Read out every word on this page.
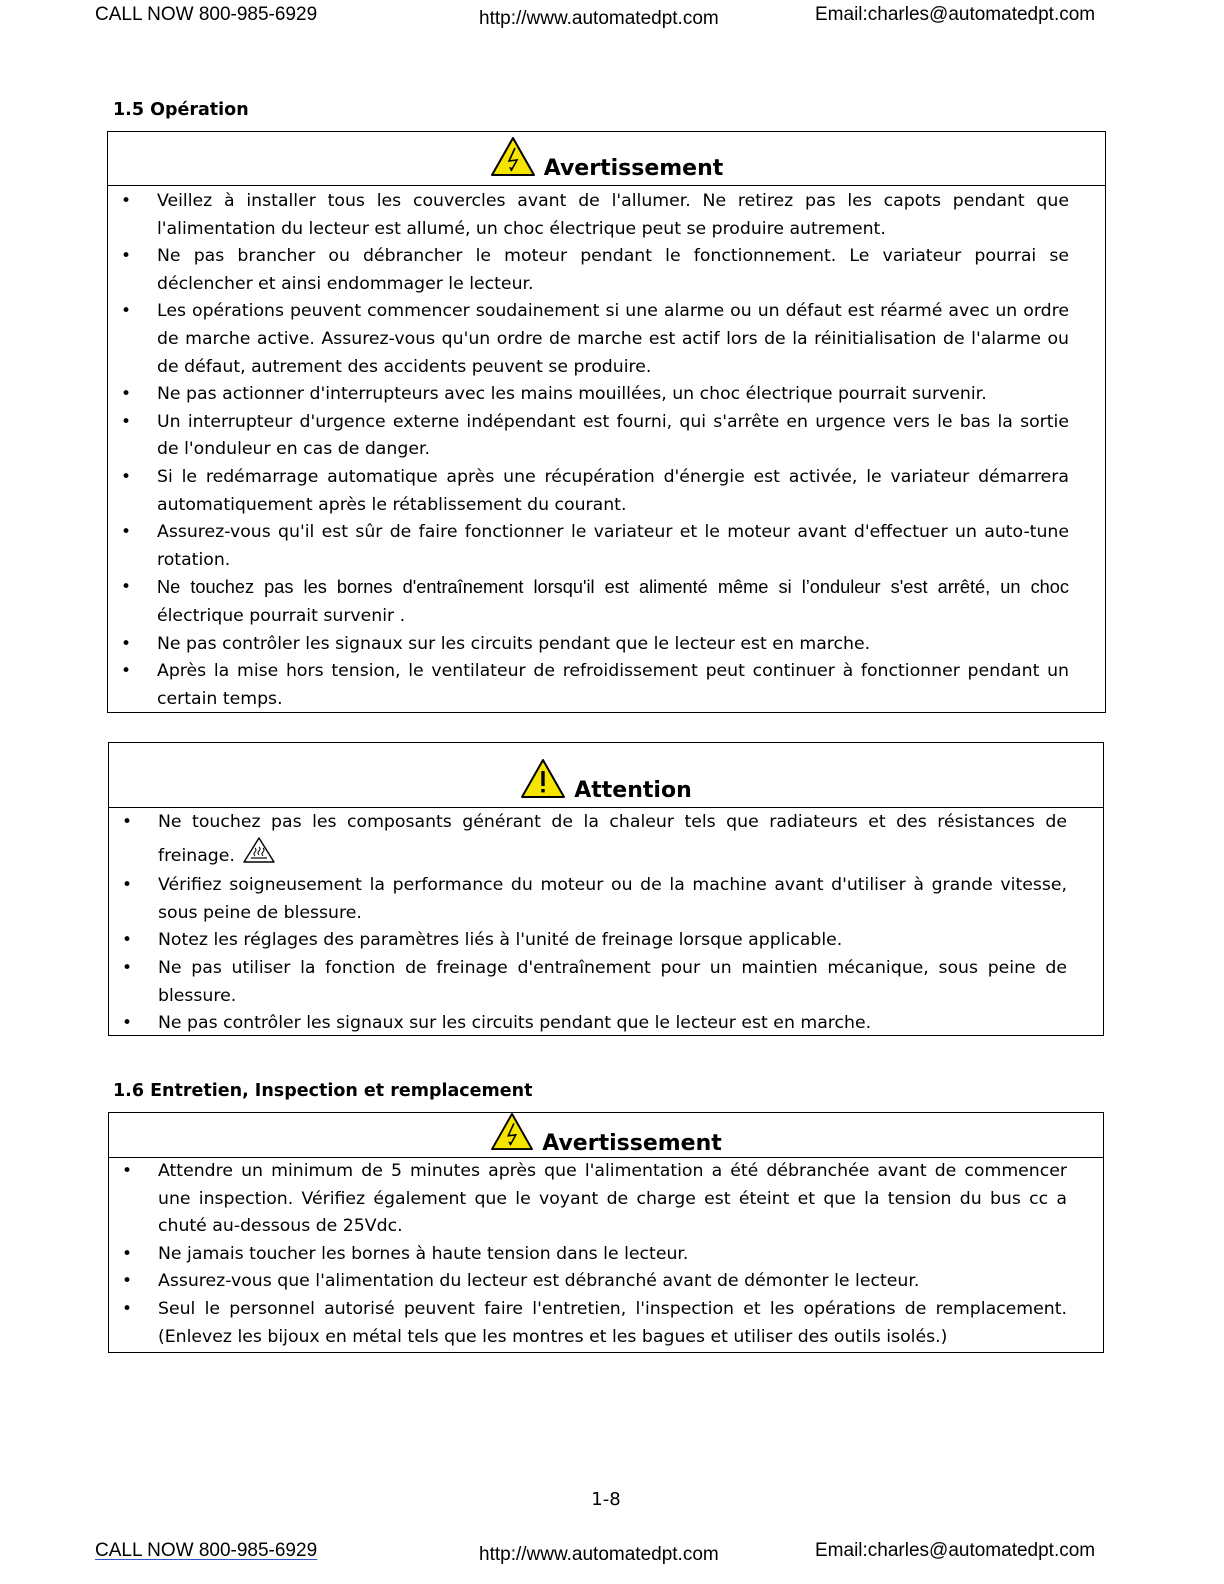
CALL NOW 800-985-6929	http://www.automatedpt.com	Email:charles@automatedpt.com
1.5 Opération
Avertissement
• Veillez à installer tous les couvercles avant de l'allumer. Ne retirez pas les capots pendant que l'alimentation du lecteur est allumé, un choc électrique peut se produire autrement.
• Ne pas brancher ou débrancher le moteur pendant le fonctionnement. Le variateur pourrai se déclencher et ainsi endommager le lecteur.
• Les opérations peuvent commencer soudainement si une alarme ou un défaut est réarmé avec un ordre de marche active. Assurez-vous qu'un ordre de marche est actif lors de la réinitialisation de l'alarme ou de défaut, autrement des accidents peuvent se produire.
• Ne pas actionner d'interrupteurs avec les mains mouillées, un choc électrique pourrait survenir.
• Un interrupteur d'urgence externe indépendant est fourni, qui s'arrête en urgence vers le bas la sortie de l'onduleur en cas de danger.
• Si le redémarrage automatique après une récupération d'énergie est activée, le variateur démarrera automatiquement après le rétablissement du courant.
• Assurez-vous qu'il est sûr de faire fonctionner le variateur et le moteur avant d'effectuer un auto-tune rotation.
• Ne touchez pas les bornes d'entraînement lorsqu'il est alimenté même si l’onduleur s'est arrêté, un choc électrique pourrait survenir .
• Ne pas contrôler les signaux sur les circuits pendant que le lecteur est en marche.
• Après la mise hors tension, le ventilateur de refroidissement peut continuer à fonctionner pendant un certain temps.
Attention
• Ne touchez pas les composants générant de la chaleur tels que radiateurs et des résistances de freinage.
• Vérifiez soigneusement la performance du moteur ou de la machine avant d'utiliser à grande vitesse, sous peine de blessure.
• Notez les réglages des paramètres liés à l'unité de freinage lorsque applicable.
• Ne pas utiliser la fonction de freinage d'entraînement pour un maintien mécanique, sous peine de blessure.
• Ne pas contrôler les signaux sur les circuits pendant que le lecteur est en marche.
1.6 Entretien, Inspection et remplacement
Avertissement
• Attendre un minimum de 5 minutes après que l'alimentation a été débranchée avant de commencer une inspection. Vérifiez également que le voyant de charge est éteint et que la tension du bus cc a chuté au-dessous de 25Vdc.
• Ne jamais toucher les bornes à haute tension dans le lecteur.
• Assurez-vous que l'alimentation du lecteur est débranché avant de démonter le lecteur.
• Seul le personnel autorisé peuvent faire l'entretien, l'inspection et les opérations de remplacement. (Enlevez les bijoux en métal tels que les montres et les bagues et utiliser des outils isolés.)
1-8
CALL NOW 800-985-6929	http://www.automatedpt.com	Email:charles@automatedpt.com
